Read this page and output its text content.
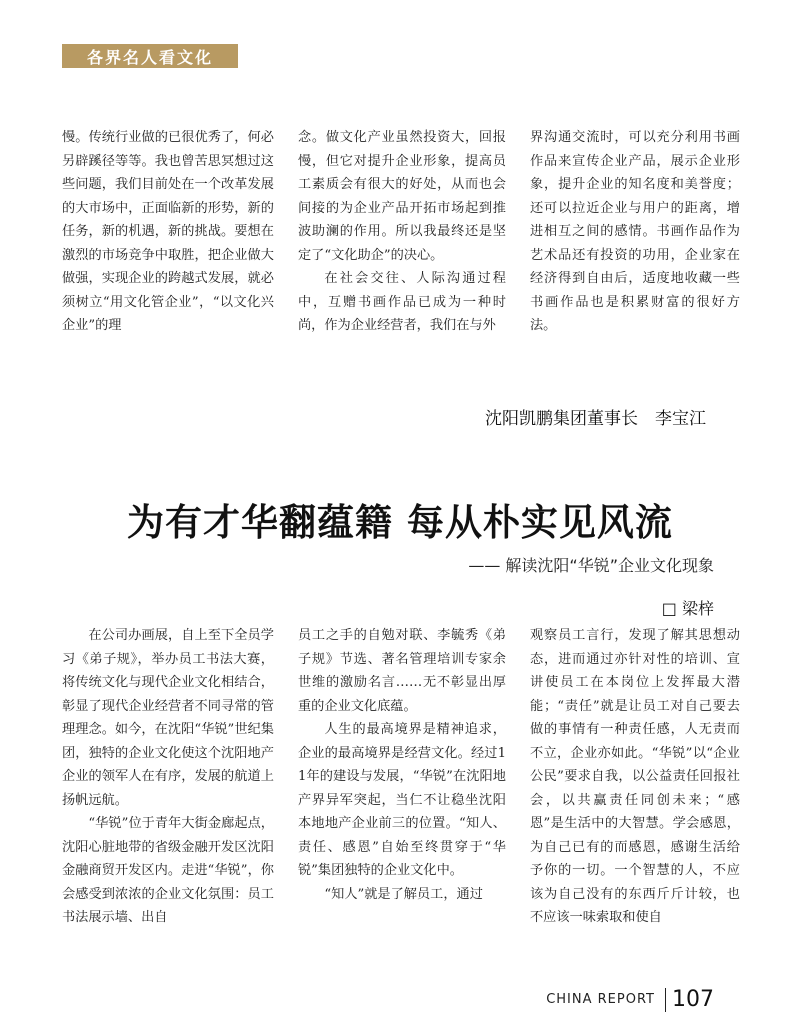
各界名人看文化

慢。传统行业做的已很优秀了，何必另辟蹊径等等。我也曾苦思冥想过这些问题，我们目前处在一个改革发展的大市场中，正面临新的形势，新的任务，新的机遇，新的挑战。要想在激烈的市场竞争中取胜，把企业做大做强，实现企业的跨越式发展，就必须树立“用文化管企业”，“以文化兴企业”的理

念。做文化产业虽然投资大，回报慢，但它对提升企业形象，提高员工素质会有很大的好处，从而也会间接的为企业产品开拓市场起到推波助澜的作用。所以我最终还是坚定了“文化助企”的决心。

在社会交往、人际沟通过程中，互赠书画作品已成为一种时尚，作为企业经营者，我们在与外

界沟通交流时，可以充分利用书画作品来宣传企业产品，展示企业形象，提升企业的知名度和美誉度；还可以拉近企业与用户的距离，增进相互之间的感情。书画作品作为艺术品还有投资的功用，企业家在经济得到自由后，适度地收藏一些书画作品也是积累财富的很好方法。

沈阳凯鹏集团董事长　李宝江
为有才华翻蕴籍 每从朴实见风流
—— 解读沈阳“华锐”企业文化现象
□ 梁梓

在公司办画展，自上至下全员学习《弟子规》，举办员工书法大赛，将传统文化与现代企业文化相结合，彰显了现代企业经营者不同寻常的管理理念。如今，在沈阳“华锐”世纪集团，独特的企业文化使这个沈阳地产企业的领军人在有序，发展的航道上扬帆远航。

“华锐”位于青年大街金廊起点，沈阳心脏地带的省级金融开发区沈阳金融商贸开发区内。走进“华锐”，你会感受到浓浓的企业文化氛围：员工书法展示墙、出自

员工之手的自勉对联、李毓秀《弟子规》节选、著名管理培训专家余世维的激励名言……无不彰显出厚重的企业文化底蕴。

人生的最高境界是精神追求，企业的最高境界是经营文化。经过11年的建设与发展，“华锐”在沈阳地产界异军突起，当仁不让稳坐沈阳本地地产企业前三的位置。“知人、责任、感恩”自始至终贯穿于“华锐”集团独特的企业文化中。

“知人”就是了解员工，通过

观察员工言行，发现了解其思想动态，进而通过亦针对性的培训、宣讲使员工在本岗位上发挥最大潜能；“责任”就是让员工对自己要去做的事情有一种责任感，人无责而不立，企业亦如此。“华锐”以“企业公民”要求自我，以公益责任回报社会，以共赢责任同创未来；“感恩”是生活中的大智慧。学会感恩，为自己已有的而感恩，感谢生活给予你的一切。一个智慧的人，不应该为自己没有的东西斤斤计较，也不应该一味索取和使自

CHINA REPORT 107
